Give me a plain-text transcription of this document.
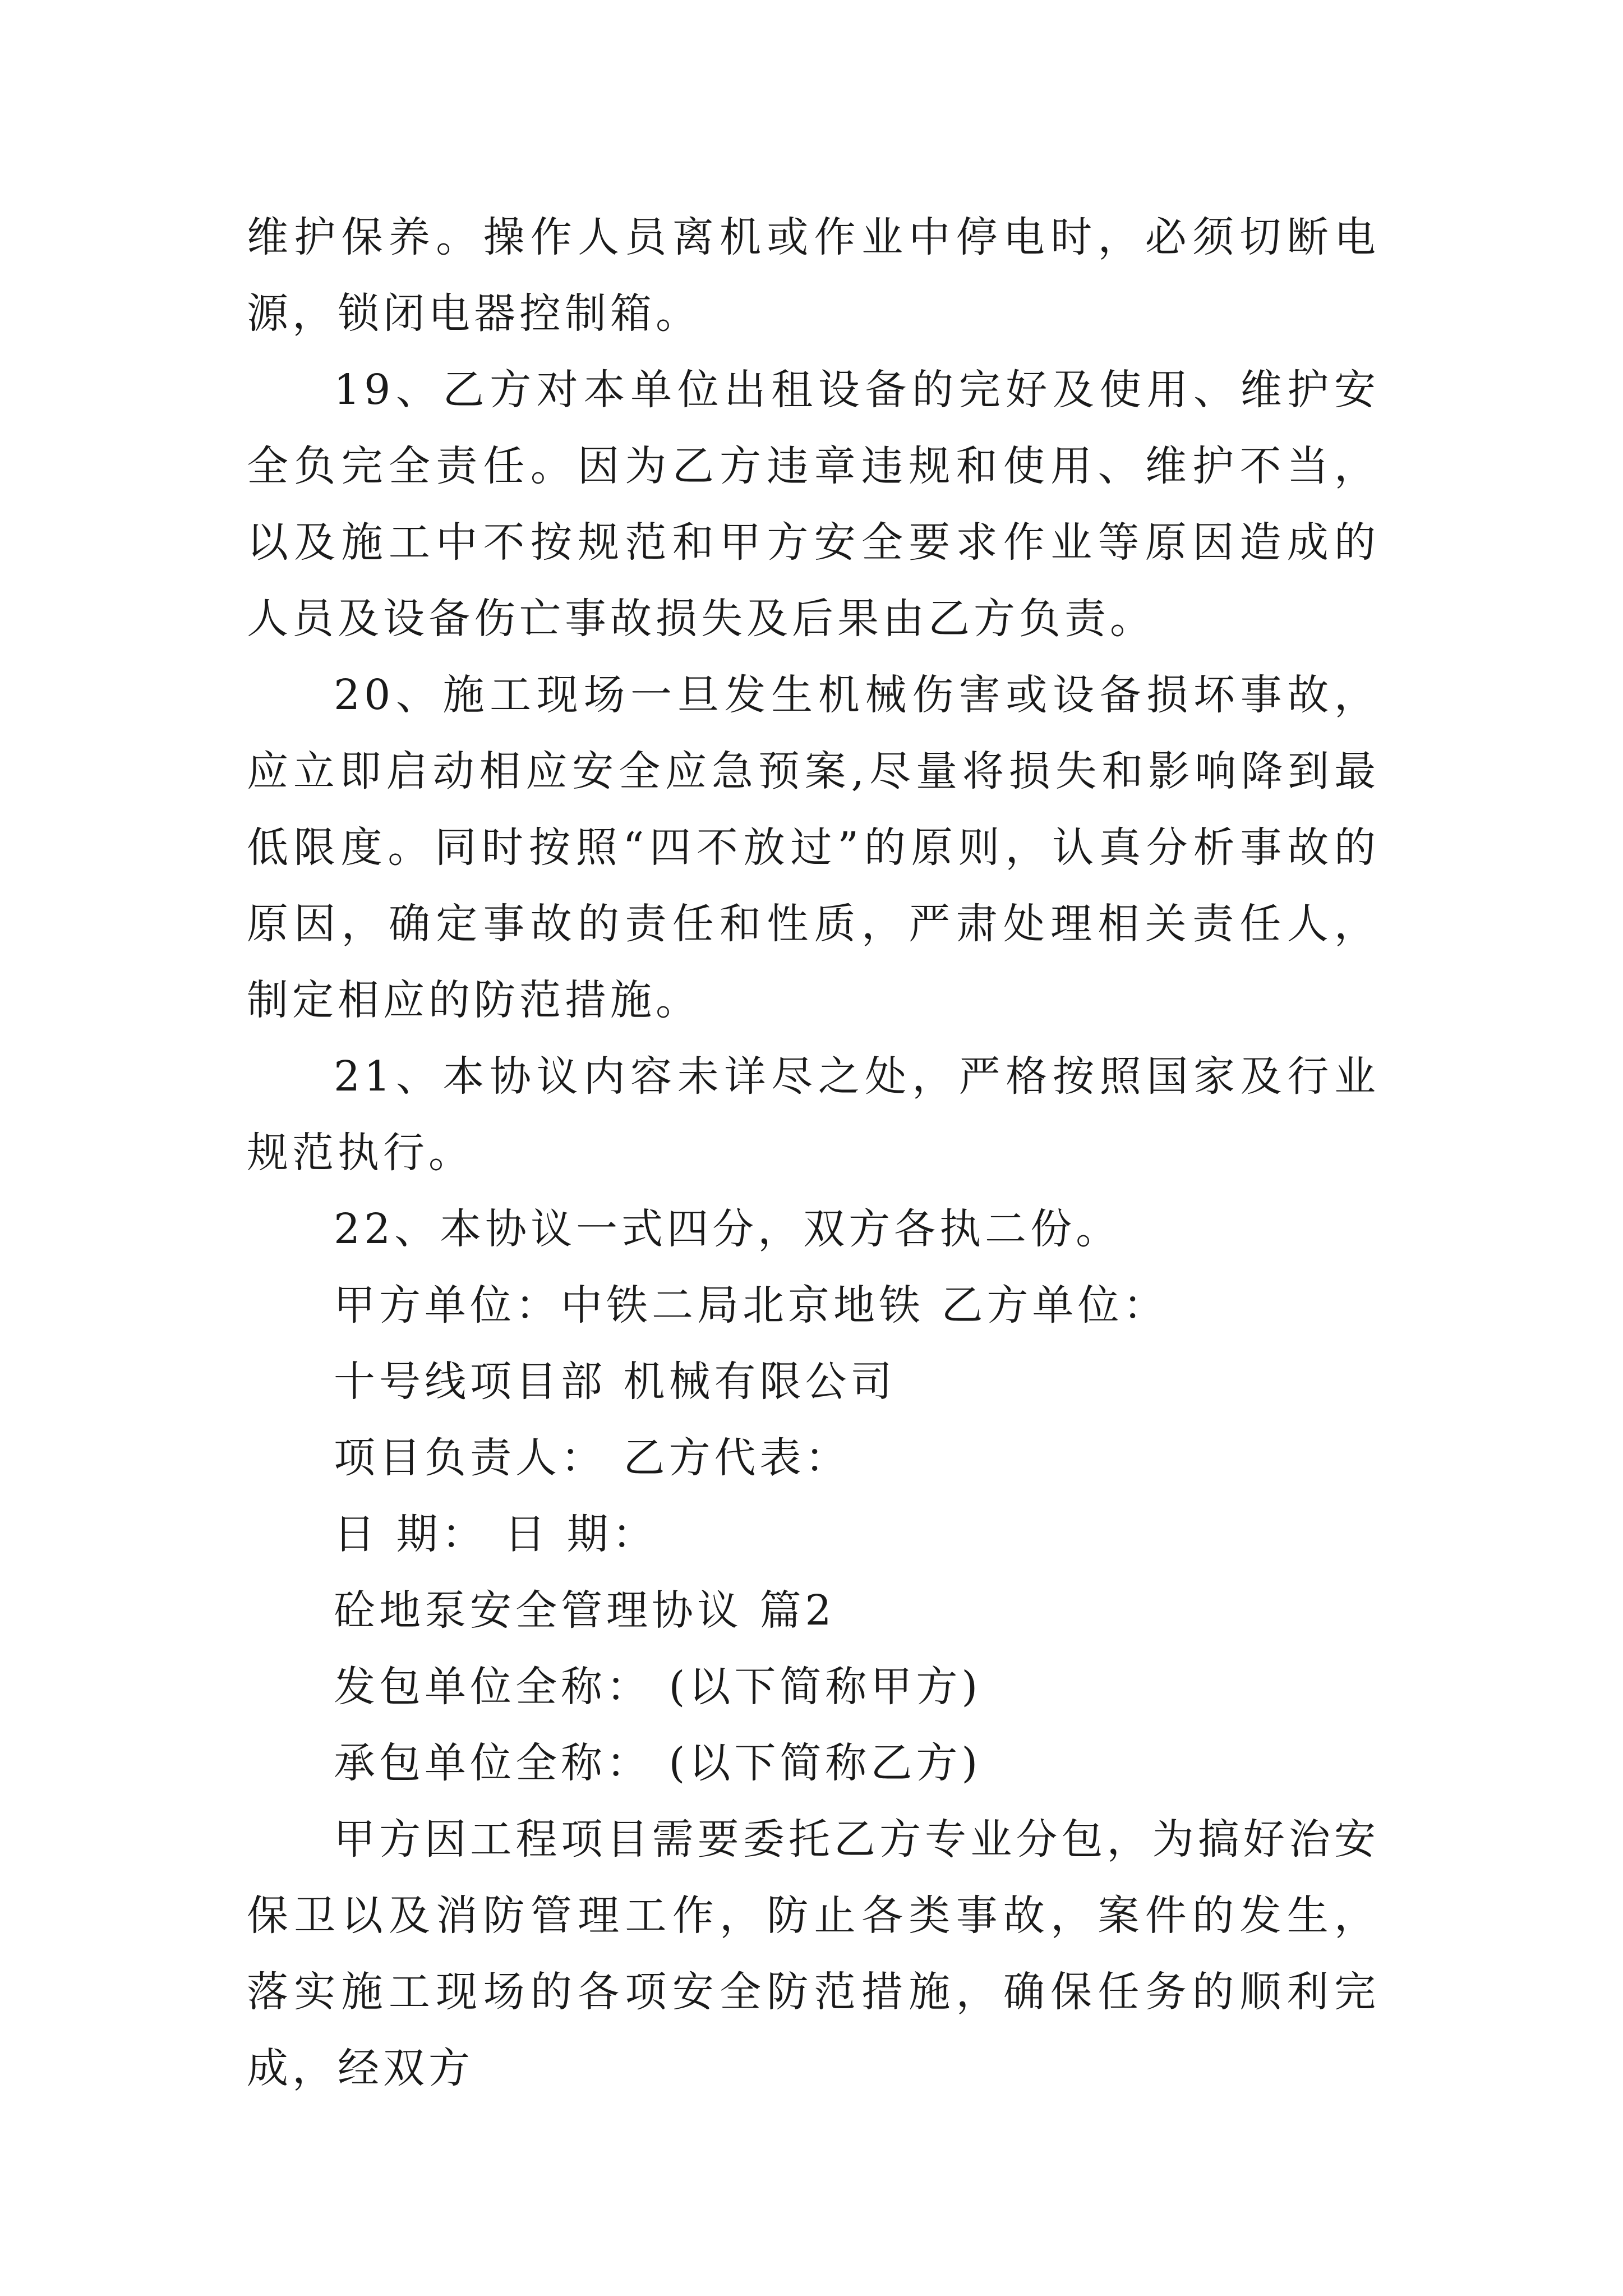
维护保养。操作人员离机或作业中停电时，必须切断电源，锁闭电器控制箱。

19、乙方对本单位出租设备的完好及使用、维护安全负完全责任。因为乙方违章违规和使用、维护不当，以及施工中不按规范和甲方安全要求作业等原因造成的人员及设备伤亡事故损失及后果由乙方负责。

20、施工现场一旦发生机械伤害或设备损坏事故，应立即启动相应安全应急预案,尽量将损失和影响降到最低限度。同时按照“四不放过”的原则，认真分析事故的原因，确定事故的责任和性质，严肃处理相关责任人，制定相应的防范措施。

21、本协议内容未详尽之处，严格按照国家及行业规范执行。

22、本协议一式四分，双方各执二份。

甲方单位：中铁二局北京地铁 乙方单位：

十号线项目部 机械有限公司

项目负责人： 乙方代表：

日 期： 日 期：

砼地泵安全管理协议 篇2

发包单位全称： (以下简称甲方)

承包单位全称： (以下简称乙方)

甲方因工程项目需要委托乙方专业分包，为搞好治安保卫以及消防管理工作，防止各类事故，案件的发生，落实施工现场的各项安全防范措施，确保任务的顺利完成，经双方
